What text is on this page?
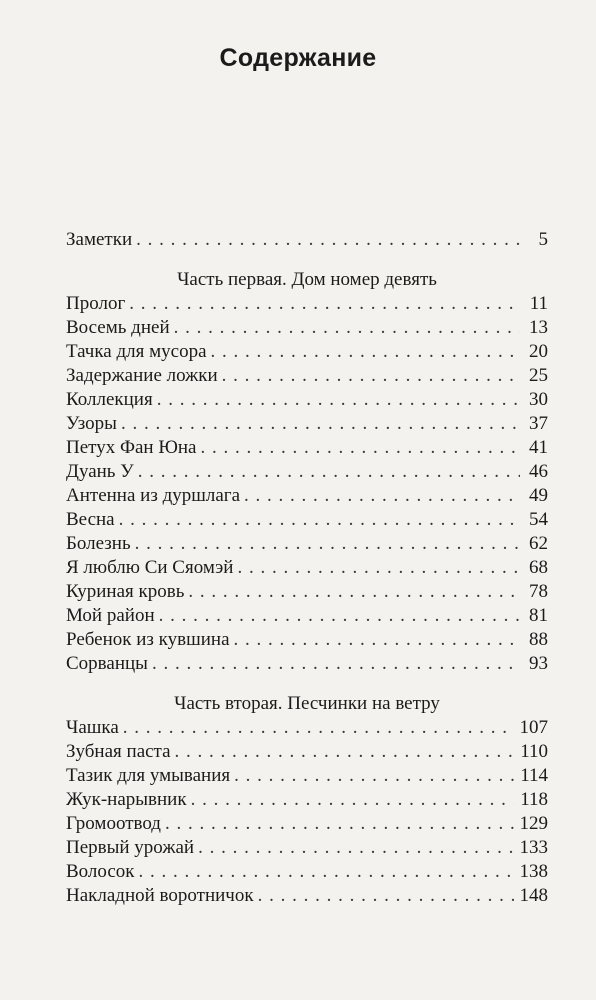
Содержание
Заметки . . .	5
Часть первая. Дом номер девять
Пролог . . .	11
Восемь дней . . .	13
Тачка для мусора . . .	20
Задержание ложки . . .	25
Коллекция . . .	30
Узоры . . .	37
Петух Фан Юна . . .	41
Дуань У . . .	46
Антенна из дуршлага . . .	49
Весна . . .	54
Болезнь . . .	62
Я люблю Си Сяомэй . . .	68
Куриная кровь . . .	78
Мой район . . .	81
Ребенок из кувшина . . .	88
Сорванцы . . .	93
Часть вторая. Песчинки на ветру
Чашка . . .	107
Зубная паста . . .	110
Тазик для умывания . . .	114
Жук-нарывник . . .	118
Громоотвод . . .	129
Первый урожай . . .	133
Волосок . . .	138
Накладной воротничок . . .	148
